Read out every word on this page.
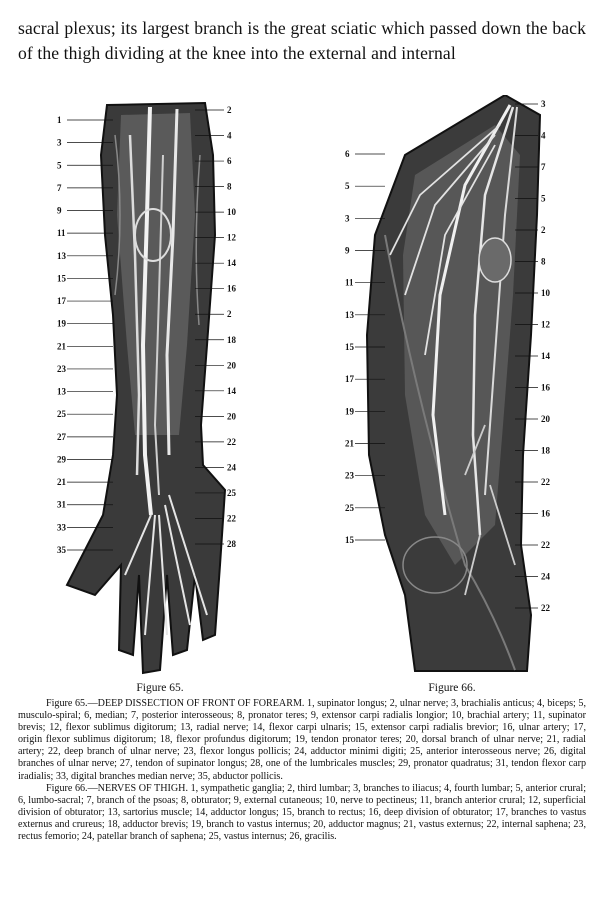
sacral plexus; its largest branch is the great sciatic which passed down the back of the thigh dividing at the knee into the external and internal
1
3
5
7
9
11
13
15
17
19
21
23
13
25
27
29
21
31
33
35
2
4
6
8
10
12
14
16
2
18
20
14
20
22
24
25
22
28
6
5
3
9
11
13
15
17
19
21
23
25
15
3
4
7
5
2
8
10
12
14
16
20
18
22
16
22
24
22
Figure 65.	Figure 66.

Figure 65.—DEEP DISSECTION OF FRONT OF FOREARM. 1, supinator longus; 2, ulnar nerve; 3, brachialis anticus; 4, biceps; 5, musculo-spiral; 6, median; 7, posterior interosseous; 8, pronator teres; 9, extensor carpi radialis longior; 10, brachial artery; 11, supinator brevis; 12, flexor sublimus digitorum; 13, radial nerve; 14, flexor carpi ulnaris; 15, extensor carpi radialis brevior; 16, ulnar artery; 17, origin flexor sublimus digitorum; 18, flexor profundus digitorum; 19, tendon pronator teres; 20, dorsal branch of ulnar nerve; 21, radial artery; 22, deep branch of ulnar nerve; 23, flexor longus pollicis; 24, adductor minimi digiti; 25, anterior interosseous nerve; 26, digital branches of ulnar nerve; 27, tendon of supinator longus; 28, one of the lumbricales muscles; 29, pronator quadratus; 31, tendon flexor carp iradialis; 33, digital branches median nerve; 35, abductor pollicis.

Figure 66.—NERVES OF THIGH. 1, sympathetic ganglia; 2, third lumbar; 3, branches to iliacus; 4, fourth lumbar; 5, anterior crural; 6, lumbo-sacral; 7, branch of the psoas; 8, obturator; 9, external cutaneous; 10, nerve to pectineus; 11, branch anterior crural; 12, superficial division of obturator; 13, sartorius muscle; 14, adductor longus; 15, branch to rectus; 16, deep division of obturator; 17, branches to vastus externus and crureus; 18, adductor brevis; 19, branch to vastus internus; 20, adductor magnus; 21, vastus externus; 22, internal saphena; 23, rectus femorio; 24, patellar branch of saphena; 25, vastus internus; 26, gracilis.
